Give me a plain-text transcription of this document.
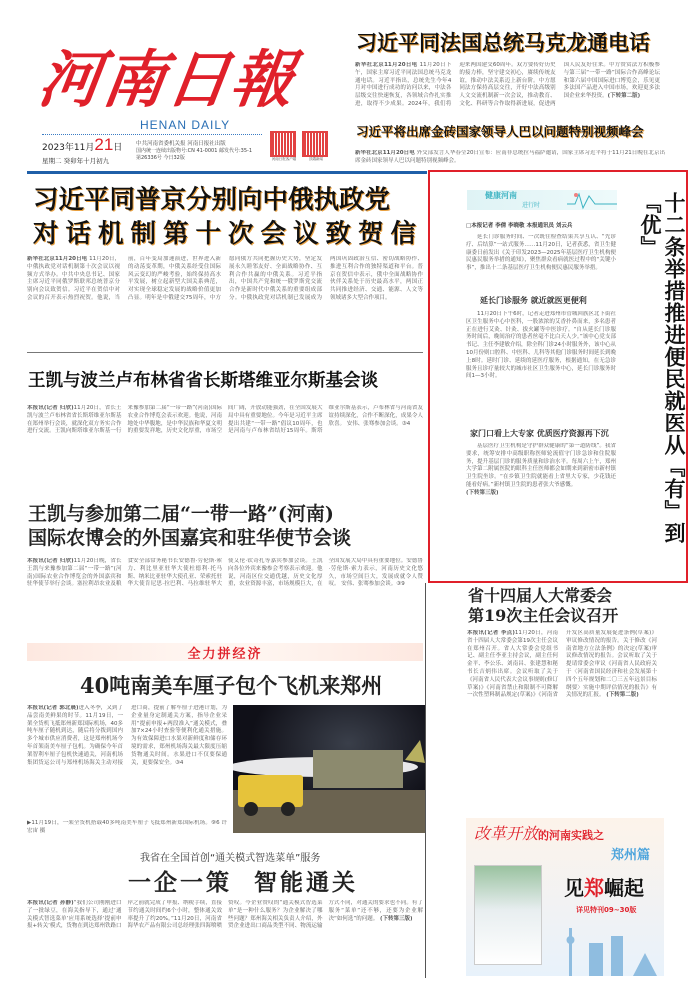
河南日報
HENAN DAILY
2023年11月21日
星期二 癸卯年十月初九
中共河南省委机关报 河南日报社出版
国内统一连续出版物号:CN 41-0001 邮发代号:35-1
第26336号 今日32版	河南日报客户端	顶端新闻
习近平同法国总统马克龙通电话
新华社北京11月20日电 11月20日下午，国家主席习近平同法国总统马克龙通电话。习近平指出，总统先生今年4月对中国进行成功的访问以来，中法各层级交往快速恢复，各领域合作扎实推进，取得不少成果。2024年，我们将迎来两国建交60周年。双方要传好历史的接力棒，坚守建交初心，赓续传统友谊，推动中法关系迈上新台阶。中方愿同法方保持高层交往，开好中法高级别人文交流机制新一次会议，推动教育、文化、科研等合作取得新进展，促进两国人民友好往来。中方赞赏法方积极参与第三届“一带一路”国际合作高峰论坛和第六届中国国际进口博览会，乐见更多法国产品进入中国市场，欢迎更多法国企业来华投资。(下转第二版)
习近平将出席金砖国家领导人巴以问题特别视频峰会
新华社北京11月20日电 外交部发言人华春莹20日宣布：应南非总统拉马福萨邀请，国家主席习近平将于11月21日晚在北京出席金砖国家领导人巴以问题特别视频峰会。
习近平同普京分别向中俄执政党
对话机制第十次会议致贺信
新华社北京11月20日电 11月20日，中俄执政党对话机制第十次会议以视频方式举办。中共中央总书记、国家主席习近平同俄罗斯联邦总统普京分别向会议致贺信。习近平在贺信中对会议的召开表示热烈祝贺。他说，当前，百年变局加速演进，世界进入新的动荡变革期，中俄关系经受住国际风云变幻的严峻考验，始终保持高水平发展，树立起新型大国关系典范，对实现全球稳定发展的战略价值更加凸显。明年是中俄建交75周年，中方愿同俄方共同把握历史大势，坚定发展永久睦邻友好、全面战略协作、互利合作共赢的中俄关系。习近平指出，中国共产党和统一俄罗斯党交流合作是新时代中俄关系的重要组成部分。中俄执政党对话机制已发展成为两国巩固政治互信、密切战略协作、推进互利合作的独特渠道和平台。普京在贺信中表示，俄中全面战略协作伙伴关系处于历史最高水平，两国正共同推进经济、交通、能源、人文等领域诸多大型合作项目。
王凯与波兰卢布林省省长斯塔维亚尔斯基会谈
本报讯(记者 归欣)11月20日，省长王凯与波兰卢布林省省长斯塔维亚尔斯基在郑州举行会谈，就深化双方务实合作进行交流。王凯向斯塔维亚尔斯基一行来豫参加第二届“一带一路”(河南)国际农业合作博览会表示欢迎。他说，河南地处中华腹地，是中华民族和华夏文明的重要发祥地，历史文化厚重，市场空间广阔，开放动能强劲，在全国发展大局中具有重要地位。今年是习近平主席提出共建“一带一路”倡议10周年，也是河南与卢布林省结好15周年。斯塔维亚尔斯基表示，卢布林省与河南省友谊持续深化，合作不断深化，成果令人欣喜。 安伟、张骞参加会谈。③4
王凯与参加第二届“一带一路”(河南)
国际农博会的外国嘉宾和驻华使节会谈
本报讯(记者 归欣)11月20日晚，省长王凯与来豫参加第二届“一带一路”(河南)国际农业合作博览会的外国嘉宾和驻华使节举行会谈。塞拉利昂农业及粮食安全部常务秘书长安德鲁·劳伦斯·索力、利比里亚驻华大使杜德利·托马斯、纳米比亚驻华大使孔亚、荣索托驻华大使肯尼思·拉巴利、马拉维驻华大使艾伦·钦奇扎等嘉宾参加会谈。王凯向各位外宾来豫参会考察表示欢迎。他说，河南区位交通优越，历史文化厚重，农业资源丰富，市场规模巨大，在全国发展大局中具有重要地位。安德鲁·劳伦斯·索力表示，河南历史文化悠久，市场空间巨大，发展成就令人赞叹。 安伟、张骞参加会谈。③9
全力拼经济
40吨南美车厘子包个飞机来郑州
本报讯(记者 郭北晨)进入冬季，又到了品尝南美鲜果的时节。11月19日，一架全货机飞抵郑州新郑国际机场，40多吨车厘子随机到达，随后将分拨到国内多个城市供应消费者，这是郑州机场今年首架南美车厘子包机。为确保今年首架智利车厘子包机快速通关，河南机场集团货运公司与郑州机场海关主动对接进口商，提前了解车厘子进港计划，为企业量身定制通关方案，指导企业采用“提前申报+两段准入”通关模式，叠加7×24小时查验等便利化通关措施。为有效保障进口水果对新鲜度和储存环境的需求，郑州机场海关最大限度压缩货物通关时间。水果进口不仅要保通关，更要保安全。③4
▶11月19日，一架全货机搭载40多吨南美车厘子飞抵郑州新郑国际机场。⑨6 许宏宙 摄
我省在全国首创“通关模式智选菜单”服务
一企一策  智能通关
本报讯(记者 孙静)“我们公司刚刚进口了一批绿豆，在海关指导下，通过‘通关模式智选菜单’应用系统选择‘提前申报+转关’模式，货物在到达郑州铁路口岸之前就完成了申报、纳税手续，直接节约通关时间约6个小时，整体通关效率提升了约20%。”11月20日，河南省海华农产品有限公司总经理张四海喷喷赞叹。今企业赞叹的“通关模式智选菜单”是一种什么服务？为企业解决了哪些问题？郑州海关相关负责人介绍，外贸企业进出口商品类型不同、物流运输方式不同，对通关的要求也不同。有了服务“菜单”还不够，还要为企业解决“如何选”的问题。 (下转第三版)
健康河南
进行时
□本报记者 李倩 李晓敬 本报通讯员 刘云兵

延长门诊服务时间、一次既往检查结果共享互认、“先诊疗、后结算”一站式服务……11月20日，记者获悉，省卫生健康委日前发出《关于印发2023—2025年基层医疗卫生机构便民惠民服务举措的通知》，聚焦群众看病就医过程中的“关键小事”，推出十二条基层医疗卫生机构便民惠民服务举措。

延长门诊服务 就近就医更便利

11月20日下午6时，记者走进郑州市管城回族区北下街社区卫生服务中心中医科，一股浓浓的艾香扑鼻而来，多名患者正在进行艾灸、针灸、拔火罐等中医诊疗。“自从延长门诊服务时间后，晚间治疗的患者丝毫不比白天人少。”该中心党支部书记、主任李建敏介绍，除全科门诊24小时服务外，该中心从10月份则口腔科、中医科、儿科等其他门诊服务时间延长到晚上8时。延时门诊、延续的延医疗服务，根据通知，在无急诊服务且诊疗量较大的城市社区卫生服务中心，延长门诊服务时间1—3小时。

家门口看上大专家 优质医疗资源再下沉

基层医疗卫生机构是守护群众健康的“第一道防线”。我省要求，统筹安排中高级职称医师轮流值守门诊急诊和住院服务，提升基层门诊的服务质量和诊治水平。每周六上午，郑州大学第二附属医院的眼科主任医师都会如期来到新密市新村镇卫生院坐诊。“在乡镇卫生院就能看上省里大专家，少花钱还能看好病。”新村镇卫生院的患者张大爷感慨。

(下转第三版)	十二条举措推进便民就医从『有』到『优』
省十四届人大常委会
第19次主任会议召开
本报讯(记者 李点)11月20日，河南省十四届人大常委会第19次主任会议在郑州召开。省人大常委会党组书记、副主任李亚主持会议，副主任何金平、李公乐、刘南昌、张建慧和秘书长吉炳伟出席。会议听取了关于《河南省人民代表大会议事规则(修订草案)》《河南省禁止和限制不可降解一次性塑料制品规定(草案)》《河南省开发区高质量发展促进条例(草案)》审议修改情况的报告。关于修改《河南省地方立法条例》的决定(草案)审议修改情况的报告。会议听取了关于提请常委会审议《河南省人民政府关于〈河南省国民经济和社会发展第十四个五年规划和二〇三五年远景目标纲要〉实施中期评估情况的报告》有关情况的汇报。 (下转第二版)
改革开放的河南实践之
郑州篇
见郑崛起
详见特刊09~30版
